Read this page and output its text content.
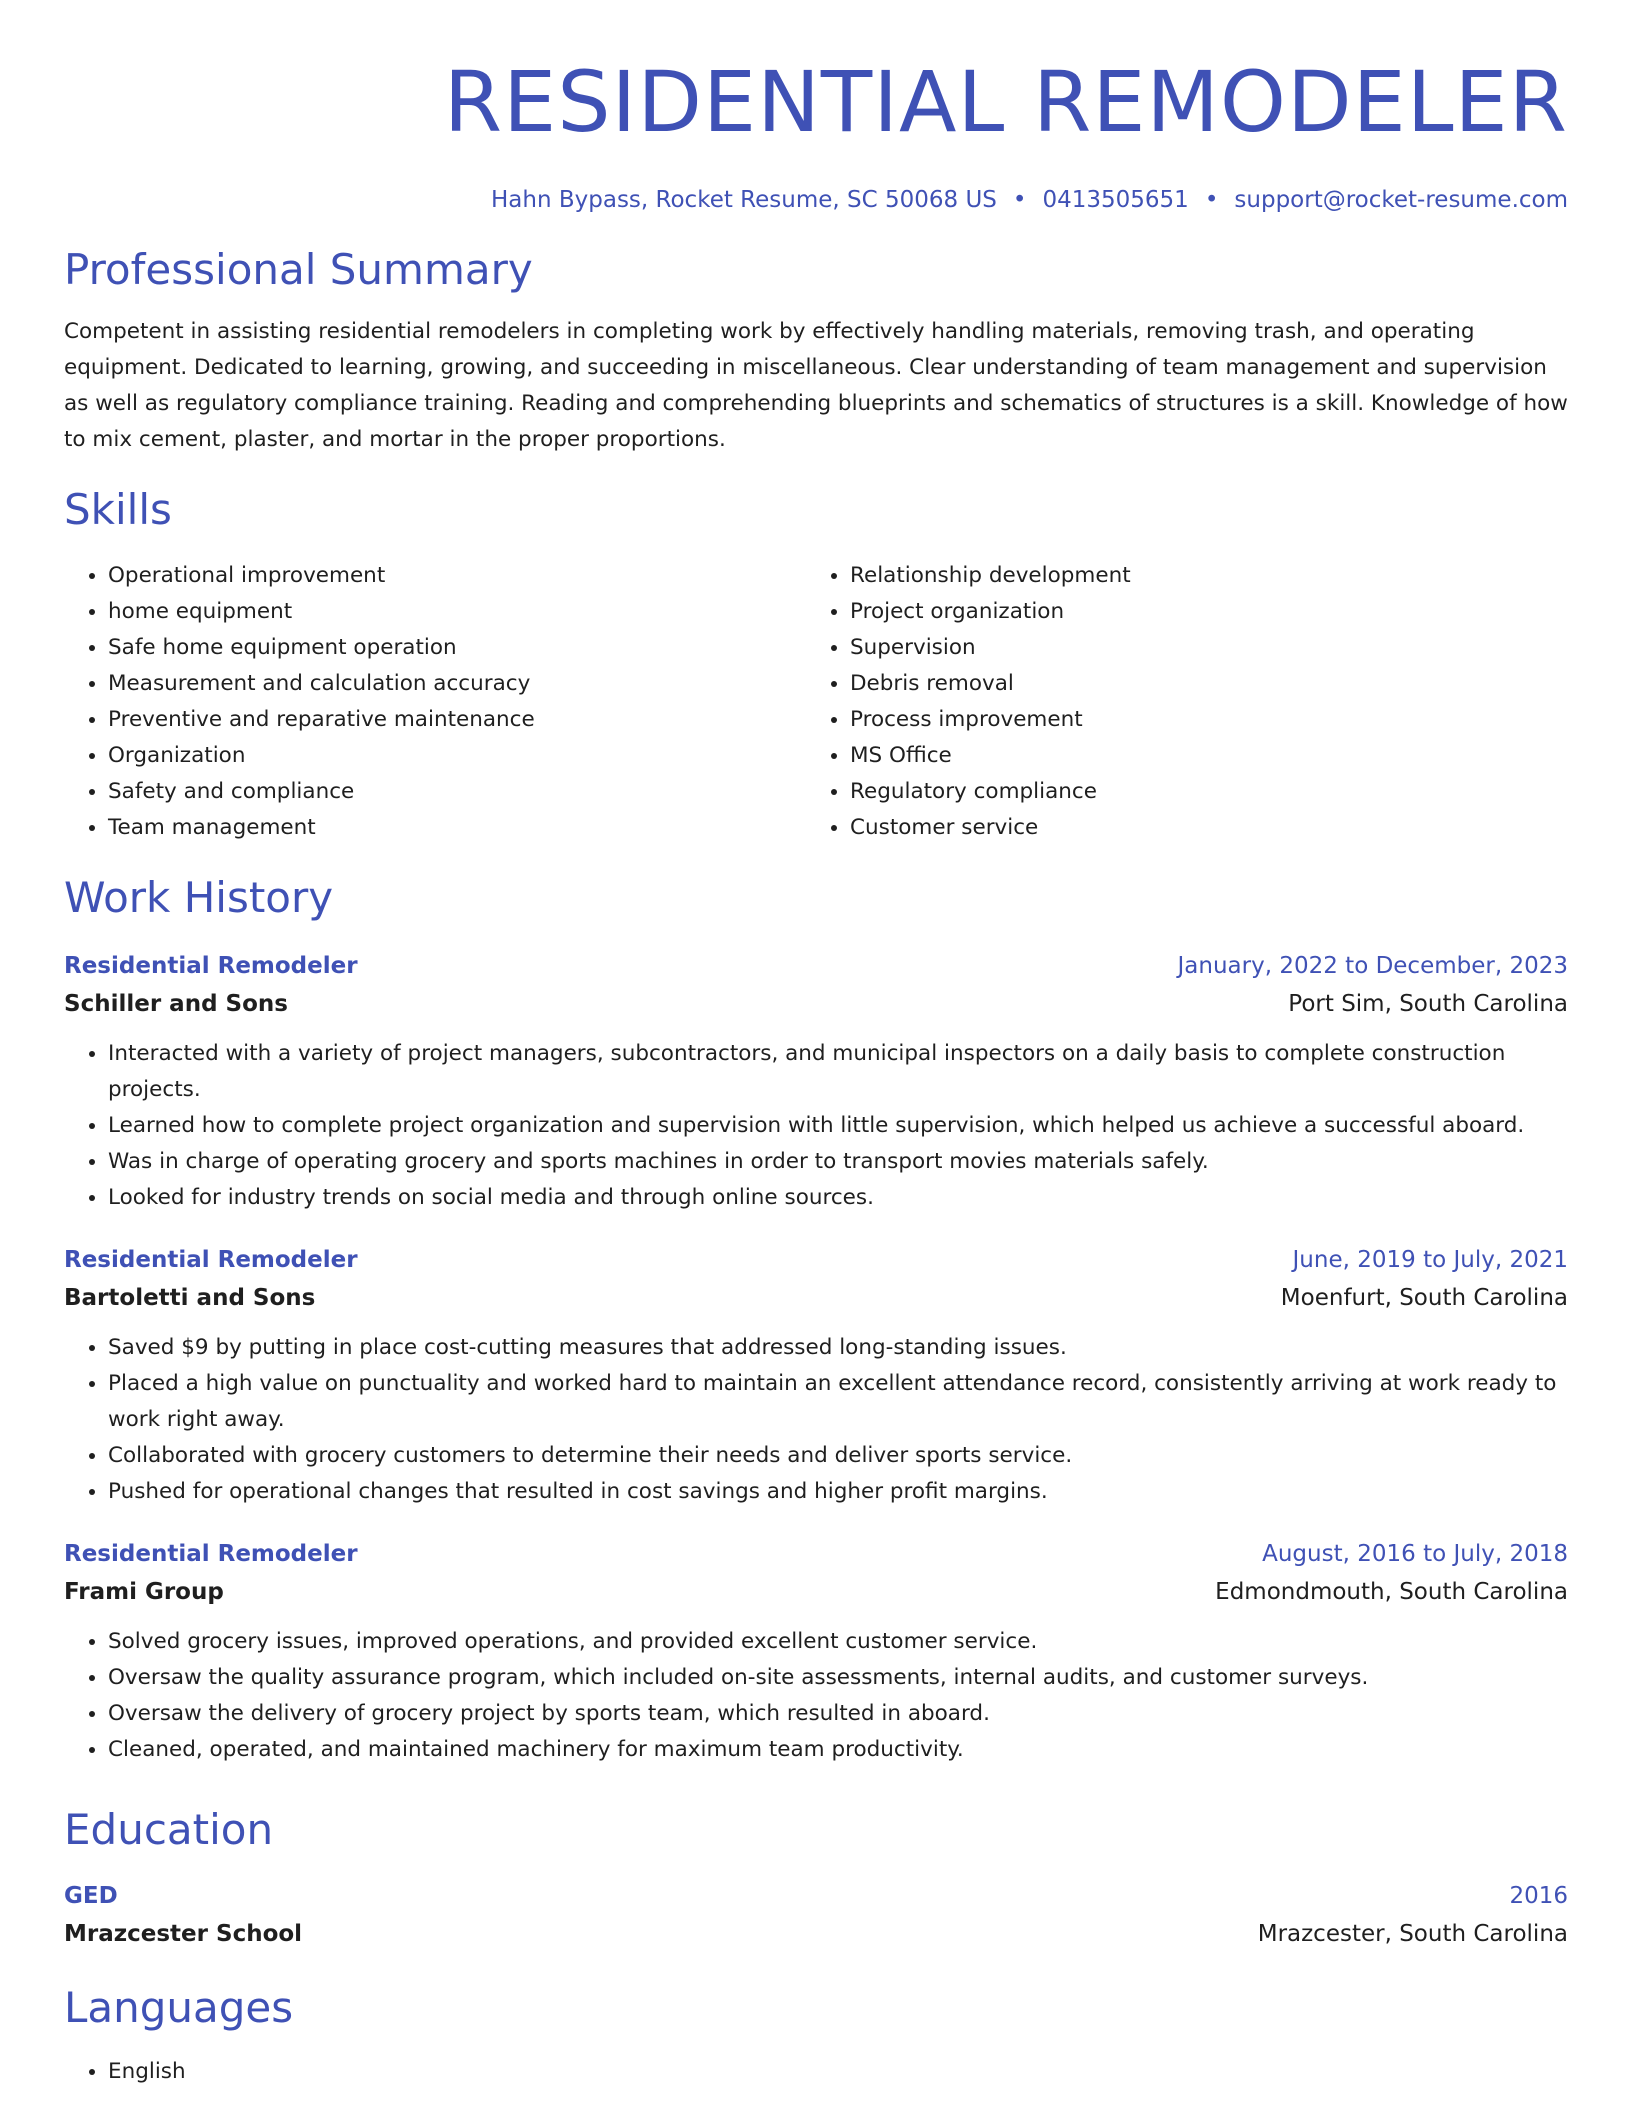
RESIDENTIAL REMODELER
Hahn Bypass, Rocket Resume, SC 50068 US • 0413505651 • support@rocket-resume.com
Professional Summary

Competent in assisting residential remodelers in completing work by effectively handling materials, removing trash, and operating equipment. Dedicated to learning, growing, and succeeding in miscellaneous. Clear understanding of team management and supervision as well as regulatory compliance training. Reading and comprehending blueprints and schematics of structures is a skill. Knowledge of how to mix cement, plaster, and mortar in the proper proportions.

Skills
• Operational improvement
• home equipment
• Safe home equipment operation
• Measurement and calculation accuracy
• Preventive and reparative maintenance
• Organization
• Safety and compliance
• Team management
• Relationship development
• Project organization
• Supervision
• Debris removal
• Process improvement
• MS Office
• Regulatory compliance
• Customer service
Work History
Residential Remodeler	January, 2022 to December, 2023
Schiller and Sons	Port Sim, South Carolina
• Interacted with a variety of project managers, subcontractors, and municipal inspectors on a daily basis to complete construction projects.
• Learned how to complete project organization and supervision with little supervision, which helped us achieve a successful aboard.
• Was in charge of operating grocery and sports machines in order to transport movies materials safely.
• Looked for industry trends on social media and through online sources.
Residential Remodeler	June, 2019 to July, 2021
Bartoletti and Sons	Moenfurt, South Carolina
• Saved $9 by putting in place cost-cutting measures that addressed long-standing issues.
• Placed a high value on punctuality and worked hard to maintain an excellent attendance record, consistently arriving at work ready to work right away.
• Collaborated with grocery customers to determine their needs and deliver sports service.
• Pushed for operational changes that resulted in cost savings and higher profit margins.
Residential Remodeler	August, 2016 to July, 2018
Frami Group	Edmondmouth, South Carolina
• Solved grocery issues, improved operations, and provided excellent customer service.
• Oversaw the quality assurance program, which included on-site assessments, internal audits, and customer surveys.
• Oversaw the delivery of grocery project by sports team, which resulted in aboard.
• Cleaned, operated, and maintained machinery for maximum team productivity.
Education
GED	2016
Mrazcester School	Mrazcester, South Carolina
Languages
• English
